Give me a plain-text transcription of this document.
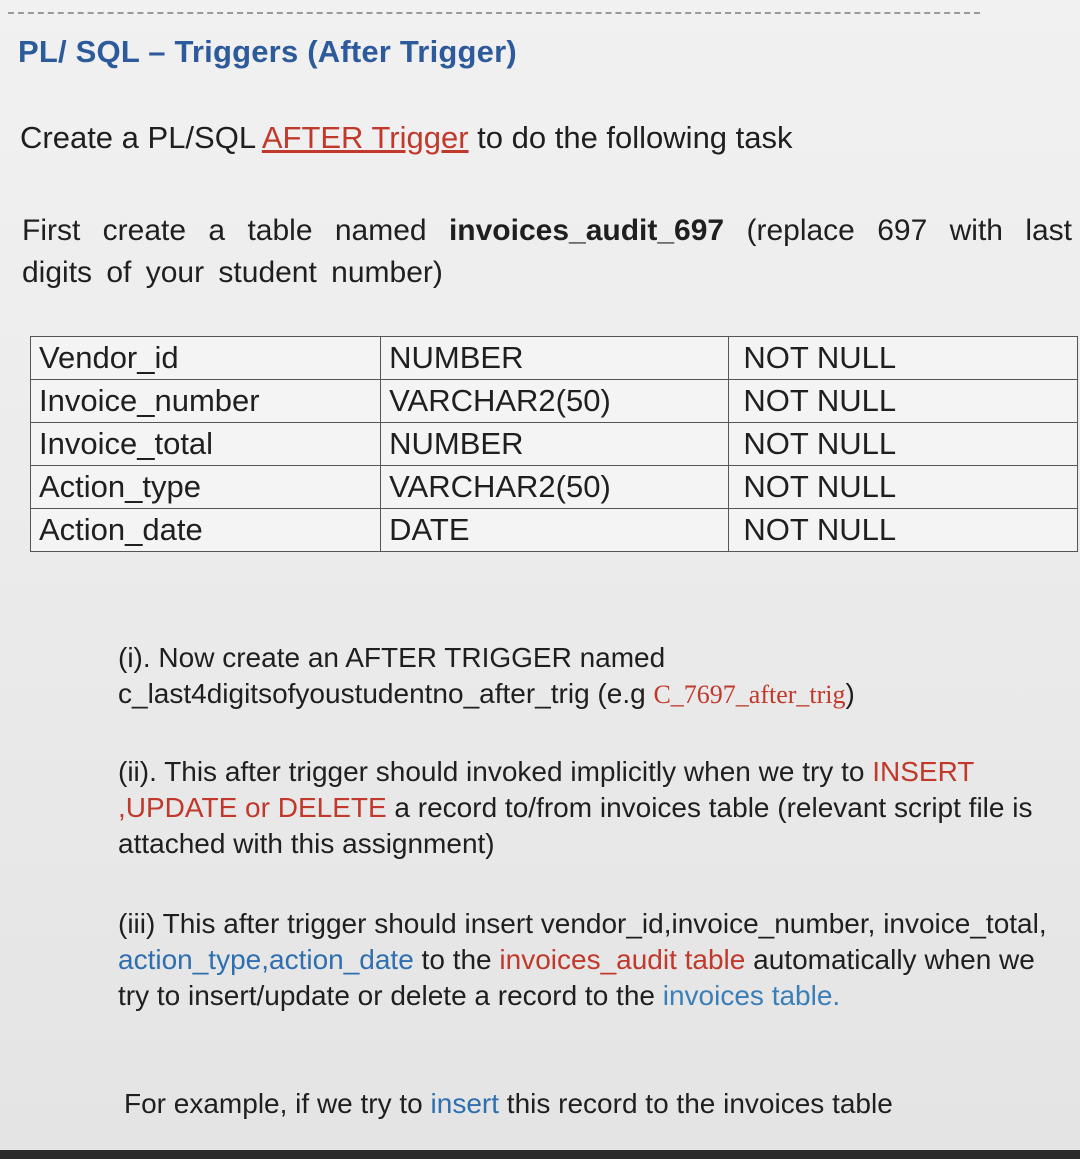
PL/ SQL – Triggers (After Trigger)
Create a PL/SQL AFTER Trigger to do the following task
First create a table named invoices_audit_697 (replace 697 with last digits of your student number)
Vendor_id	NUMBER	NOT NULL
Invoice_number	VARCHAR2(50)	NOT NULL
Invoice_total	NUMBER	NOT NULL
Action_type	VARCHAR2(50)	NOT NULL
Action_date	DATE	NOT NULL
(i). Now create an AFTER TRIGGER named
c_last4digitsofyoustudentno_after_trig (e.g C_7697_after_trig)
(ii). This after trigger should invoked implicitly when we try to INSERT ,UPDATE or DELETE a record to/from invoices table (relevant script file is attached with this assignment)
(iii) This after trigger should insert vendor_id,invoice_number, invoice_total, action_type,action_date to the invoices_audit table automatically when we try to insert/update or delete a record to the invoices table.
For example, if we try to insert this record to the invoices table
